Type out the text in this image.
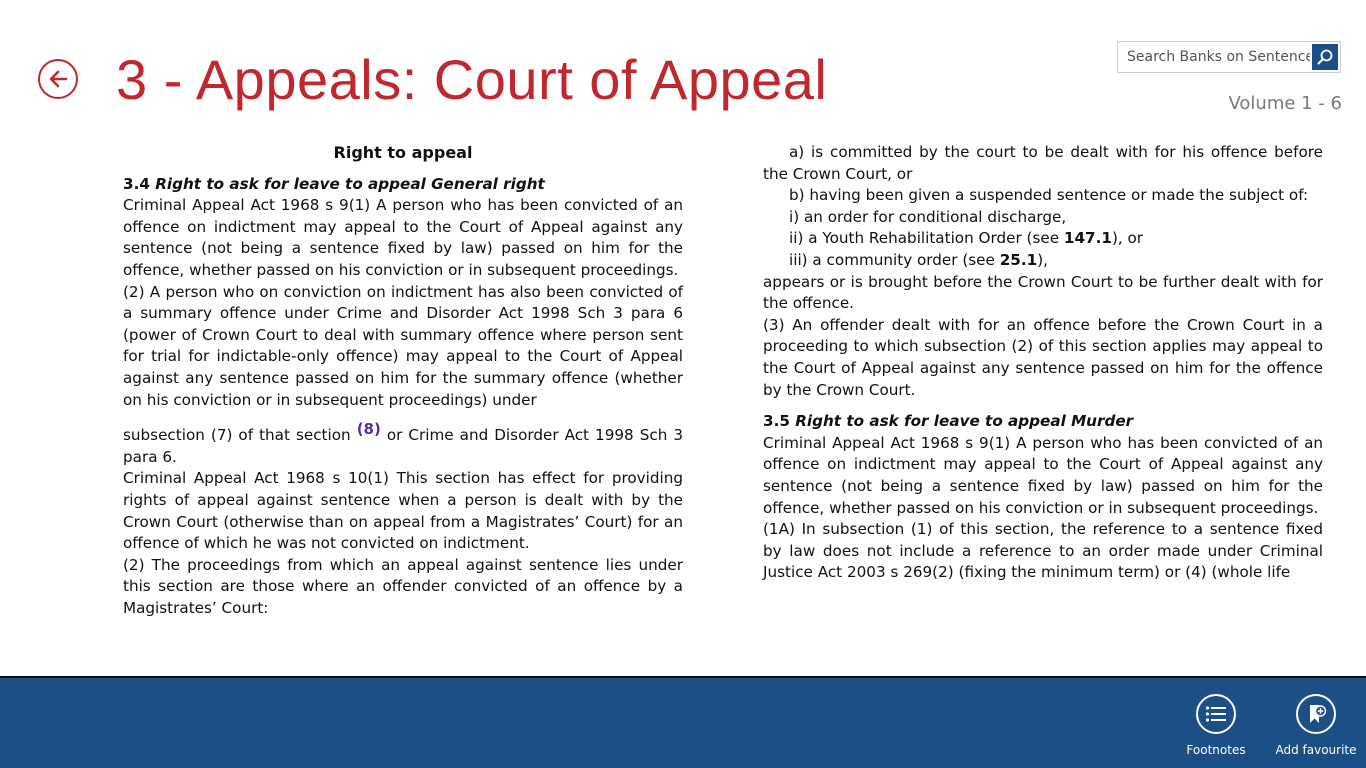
3 - Appeals: Court of Appeal
Search Banks on Sentence	Volume 1 - 6

Right to appeal

3.4 Right to ask for leave to appeal General right

Criminal Appeal Act 1968 s 9(1) A person who has been convicted of an offence on indictment may appeal to the Court of Appeal against any sentence (not being a sentence fixed by law) passed on him for the offence, whether passed on his conviction or in subsequent proceedings.

(2) A person who on conviction on indictment has also been convicted of a summary offence under Crime and Disorder Act 1998 Sch 3 para 6 (power of Crown Court to deal with summary offence where person sent for trial for indictable-only offence) may appeal to the Court of Appeal against any sentence passed on him for the summary offence (whether on his conviction or in subsequent proceedings) under

subsection (7) of that section (8) or Crime and Disorder Act 1998 Sch 3 para 6.

Criminal Appeal Act 1968 s 10(1) This section has effect for providing rights of appeal against sentence when a person is dealt with by the Crown Court (otherwise than on appeal from a Magistrates’ Court) for an offence of which he was not convicted on indictment.

(2) The proceedings from which an appeal against sentence lies under this section are those where an offender convicted of an offence by a Magistrates’ Court:

a) is committed by the court to be dealt with for his offence before the Crown Court, or

b) having been given a suspended sentence or made the subject of:

i) an order for conditional discharge,

ii) a Youth Rehabilitation Order (see 147.1), or

iii) a community order (see 25.1),

appears or is brought before the Crown Court to be further dealt with for the offence.

(3) An offender dealt with for an offence before the Crown Court in a proceeding to which subsection (2) of this section applies may appeal to the Court of Appeal against any sentence passed on him for the offence by the Crown Court.

3.5 Right to ask for leave to appeal Murder

Criminal Appeal Act 1968 s 9(1) A person who has been convicted of an offence on indictment may appeal to the Court of Appeal against any sentence (not being a sentence fixed by law) passed on him for the offence, whether passed on his conviction or in subsequent proceedings.

(1A) In subsection (1) of this section, the reference to a sentence fixed by law does not include a reference to an order made under Criminal Justice Act 2003 s 269(2) (fixing the minimum term) or (4) (whole life

Footnotes	Add favourite
